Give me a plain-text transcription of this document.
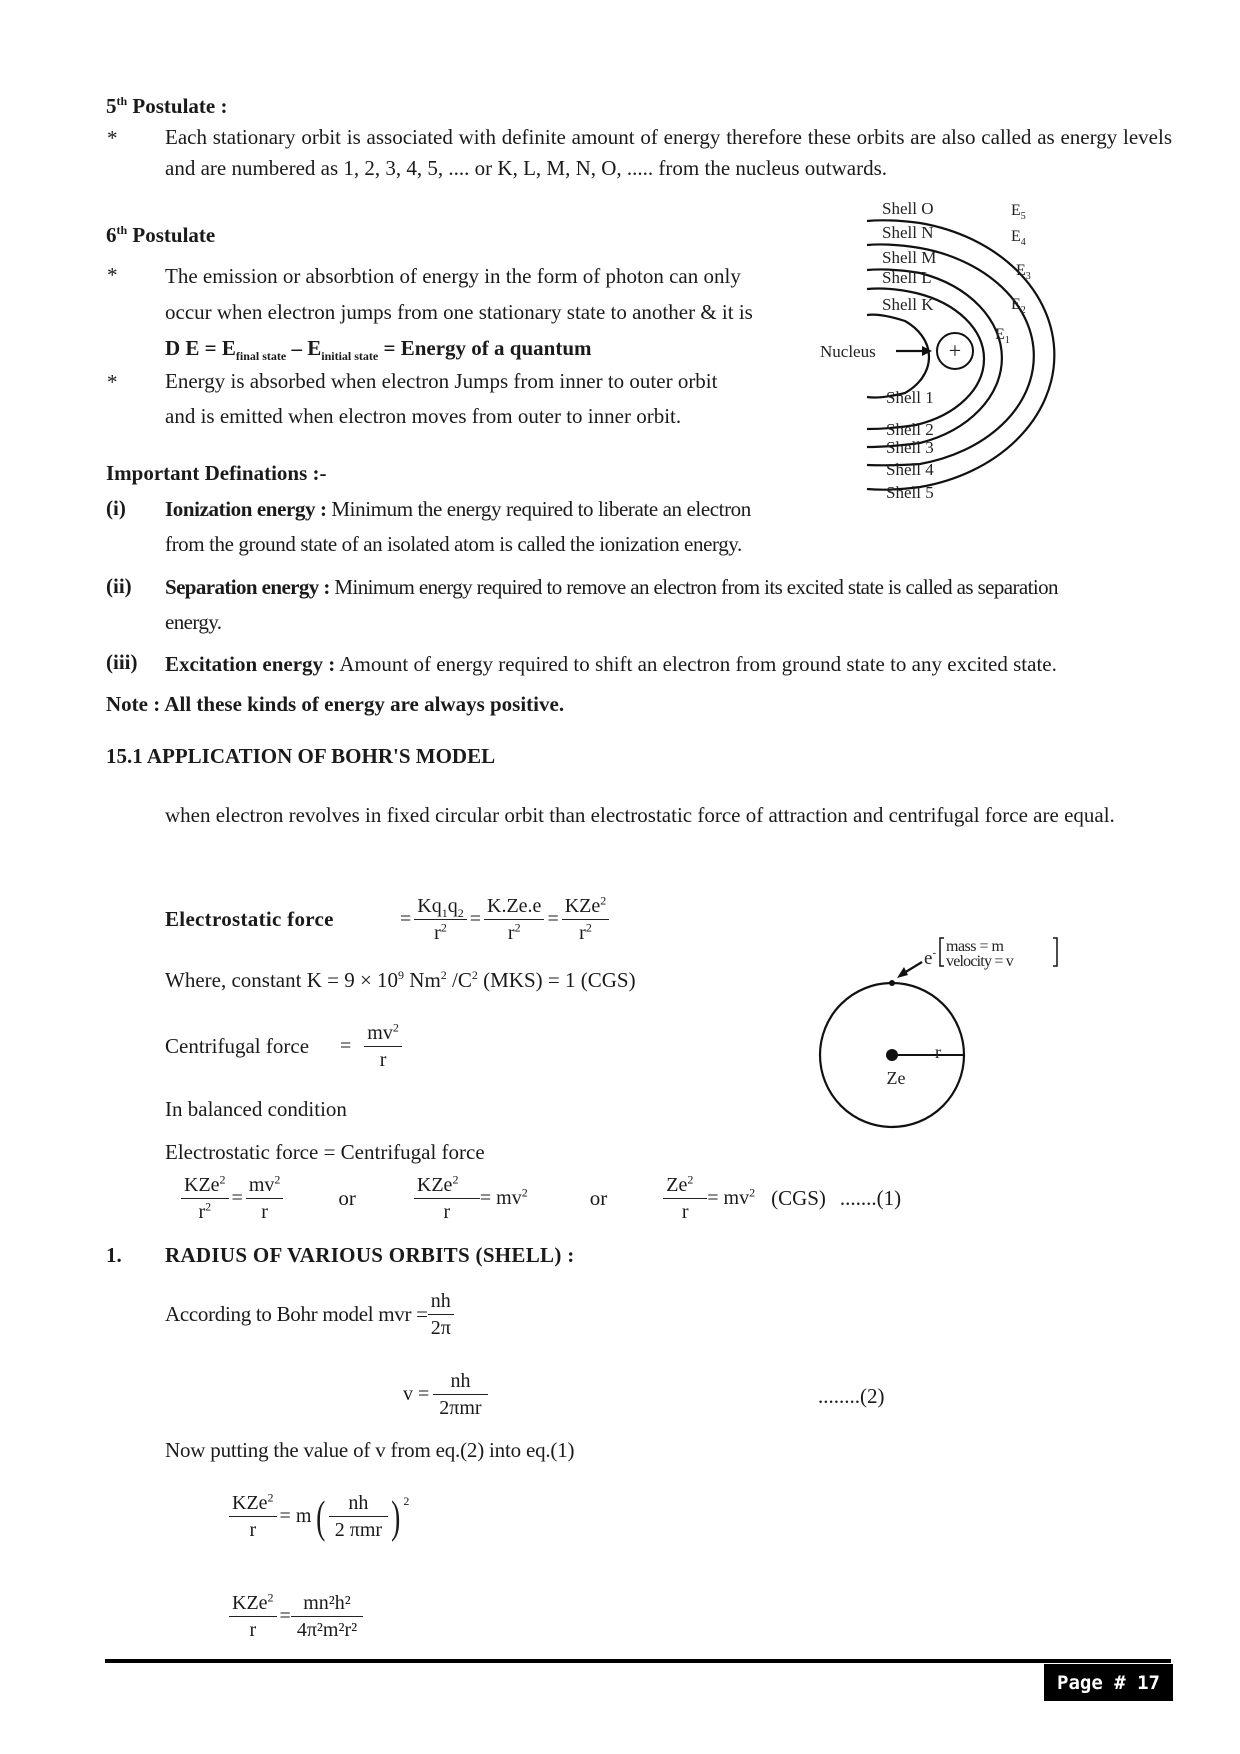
5th Postulate :
* Each stationary orbit is associated with definite amount of energy therefore these orbits are also called as energy levels and are numbered as 1, 2, 3, 4, 5, .... or K, L, M, N, O, ..... from the nucleus outwards.
6th Postulate
* The emission or absorbtion of energy in the form of photon can only
occur when electron jumps from one stationary state to another & it is
D $E = E_{final state} - E_{initial state}$ = Energy of a quantum
* Energy is absorbed when electron Jumps from inner to outer orbit
and is emitted when electron moves from outer to inner orbit.
+
Nucleus
Shell O
Shell N
Shell M
Shell L
Shell K
Shell 1
Shell 2
Shell 3
Shell 4
Shell 5
$E_5$
$E_4$
$E_3$
$E_2$
$E_1$
Important Definations :-
(i) Ionization energy : Minimum the energy required to liberate an electron
from the ground state of an isolated atom is called the ionization energy.
(ii) Separation energy : Minimum energy required to remove an electron from its excited state is called as separation
energy.
(iii) Excitation energy : Amount of energy required to shift an electron from ground state to any excited state.
Note : All these kinds of energy are always positive.
15.1 APPLICATION OF BOHR'S MODEL
when electron revolves in fixed circular orbit than electrostatic force of attraction and centrifugal force are equal.
Electrostatic force	= $\frac{Kq_1q_2}{r^2} = \frac{K.Ze.e}{r^2} = \frac{KZe^2}{r^2}$
Where, constant $K = 9 \times 10^9$ Nm$^2$ $/C^2$ (MKS) = 1 (CGS)
Centrifugal force	= $\frac{mv^2}{r}$
In balanced condition
Electrostatic force = Centrifugal force
$\frac{KZe^2}{r^2} = \frac{mv^2}{r}$	or	$\frac{KZe^2}{r} = mv^2$	or	$\frac{Ze^2}{r} = mv^2$ (CGS) .......(1)
r
Ze
e- mass = m
velocity = v
1. RADIUS OF VARIOUS ORBITS (SHELL) :
According to Bohr model mvr = $\frac{nh}{2\pi}$
$v = \frac{nh}{\text{2πmr}}$	........(2)
Now putting the value of v from eq.(2) into eq.(1)
$\frac{KZe^2}{r} = m$ ( $\frac{nh}{\text{2 πmr}}$ ) $^2$
$\frac{KZe^2}{r} = \frac{\text{mn²h²}}{\text{4π²m²r²}}$
Page # 17
